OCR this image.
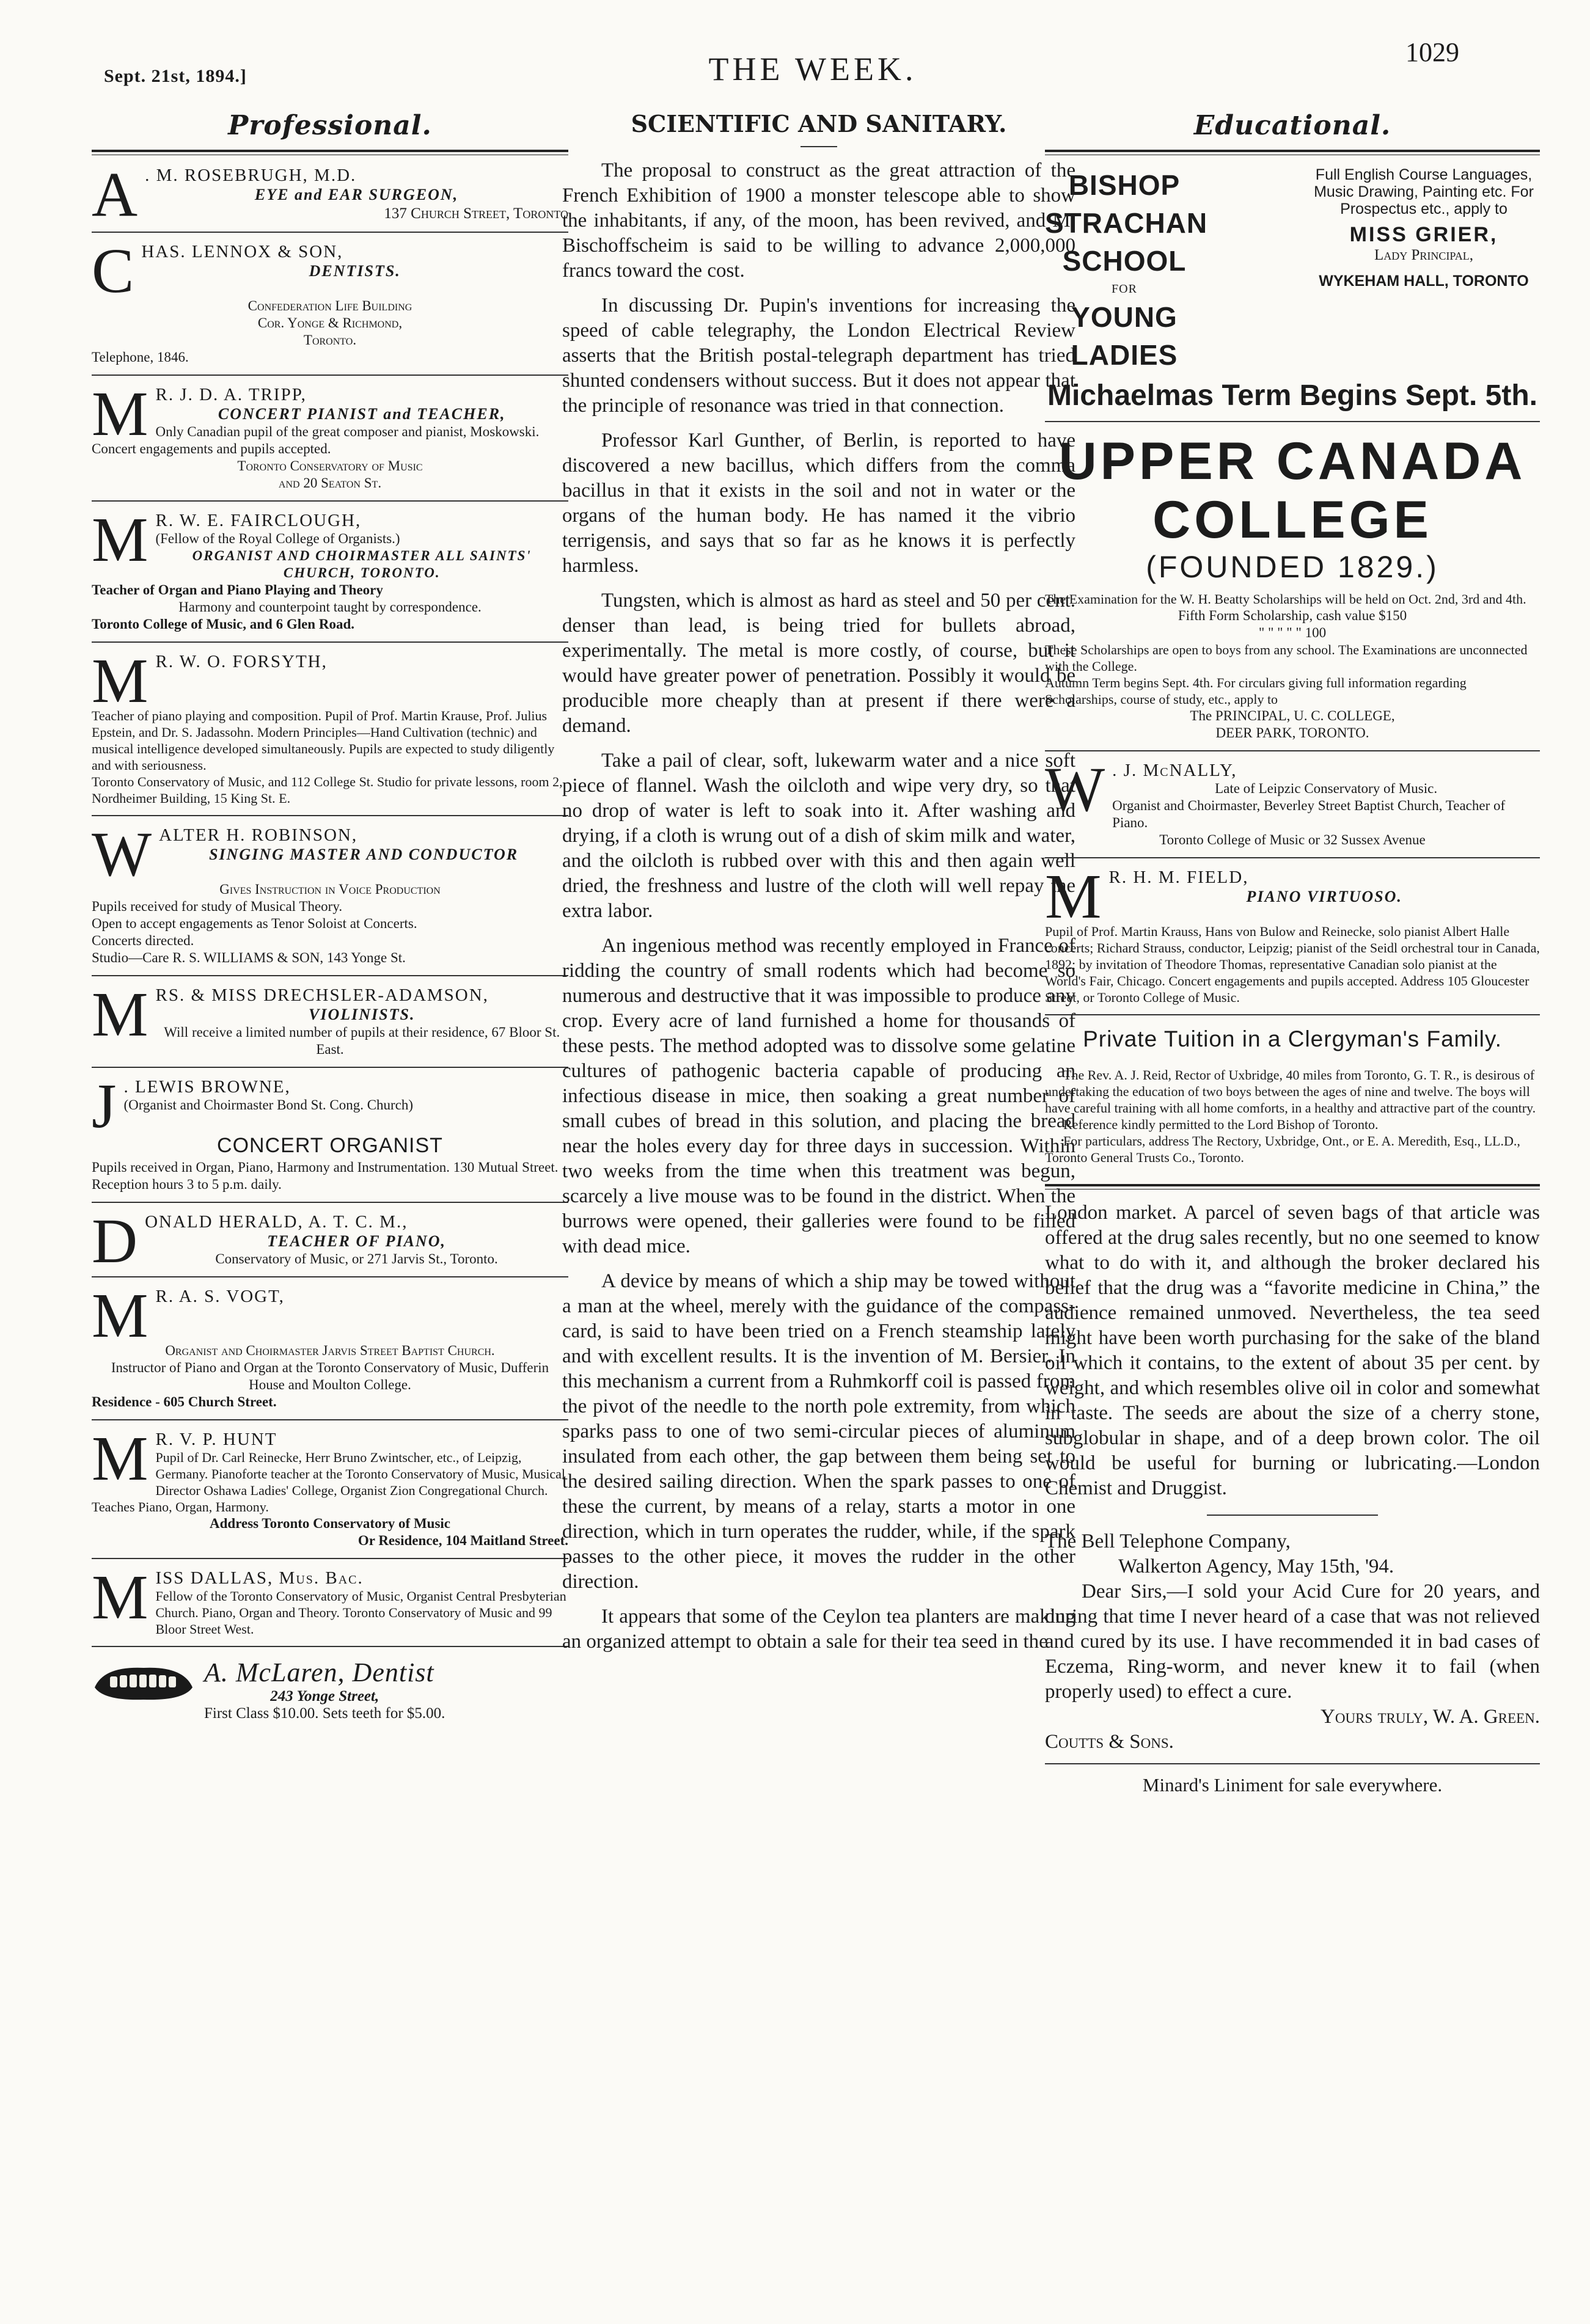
Sept. 21st, 1894.]	THE WEEK.	1029
Professional.
A . M. ROSEBRUGH, M.D.
EYE and EAR SURGEON,
137 Church Street, Toronto
C HAS. LENNOX & SON,
DENTISTS.
Confederation Life Building
Cor. Yonge & Richmond,
Toronto.
Telephone, 1846.
M R. J. D. A. TRIPP,
CONCERT PIANIST and TEACHER,
Only Canadian pupil of the great composer and pianist, Moskowski. Concert engagements and pupils accepted.
Toronto Conservatory of Music
and 20 Seaton St.
M R. W. E. FAIRCLOUGH,
(Fellow of the Royal College of Organists.)
ORGANIST AND CHOIRMASTER ALL SAINTS' CHURCH, TORONTO.
Teacher of Organ and Piano Playing and Theory
Harmony and counterpoint taught by correspondence.
Toronto College of Music, and 6 Glen Road.
M R. W. O. FORSYTH,
Teacher of piano playing and composition. Pupil of Prof. Martin Krause, Prof. Julius Epstein, and Dr. S. Jadassohn. Modern Principles—Hand Cultivation (technic) and musical intelligence developed simultaneously. Pupils are expected to study diligently and with seriousness.
Toronto Conservatory of Music, and 112 College St. Studio for private lessons, room 2, Nordheimer Building, 15 King St. E.
W ALTER H. ROBINSON,
SINGING MASTER AND CONDUCTOR
Gives Instruction in Voice Production
Pupils received for study of Musical Theory.
Open to accept engagements as Tenor Soloist at Concerts.
Concerts directed.
Studio—Care R. S. WILLIAMS & SON, 143 Yonge St.
M RS. & MISS DRECHSLER-ADAMSON,
VIOLINISTS.
Will receive a limited number of pupils at their residence, 67 Bloor St. East.
J . LEWIS BROWNE,
(Organist and Choirmaster Bond St. Cong. Church)
CONCERT ORGANIST
Pupils received in Organ, Piano, Harmony and Instrumentation. 130 Mutual Street.
Reception hours 3 to 5 p.m. daily.
D ONALD HERALD, A. T. C. M.,
TEACHER OF PIANO,
Conservatory of Music, or 271 Jarvis St., Toronto.
M R. A. S. VOGT,
Organist and Choirmaster Jarvis Street Baptist Church.
Instructor of Piano and Organ at the Toronto Conservatory of Music, Dufferin House and Moulton College.
Residence - 605 Church Street.
M R. V. P. HUNT
Pupil of Dr. Carl Reinecke, Herr Bruno Zwintscher, etc., of Leipzig, Germany. Pianoforte teacher at the Toronto Conservatory of Music, Musical Director Oshawa Ladies' College, Organist Zion Congregational Church. Teaches Piano, Organ, Harmony.
Address Toronto Conservatory of Music
Or Residence, 104 Maitland Street.
M ISS DALLAS, Mus. Bac.
Fellow of the Toronto Conservatory of Music, Organist Central Presbyterian Church. Piano, Organ and Theory. Toronto Conservatory of Music and 99 Bloor Street West.
A. McLaren, Dentist
243 Yonge Street,
First Class $10.00. Sets teeth for $5.00.
SCIENTIFIC AND SANITARY.

The proposal to construct as the great attraction of the French Exhibition of 1900 a monster telescope able to show the inhabitants, if any, of the moon, has been revived, and M. Bischoffscheim is said to be willing to advance 2,000,000 francs toward the cost.

In discussing Dr. Pupin's inventions for increasing the speed of cable telegraphy, the London Electrical Review asserts that the British postal-telegraph department has tried shunted condensers without success. But it does not appear that the principle of resonance was tried in that connection.

Professor Karl Gunther, of Berlin, is reported to have discovered a new bacillus, which differs from the comma bacillus in that it exists in the soil and not in water or the organs of the human body. He has named it the vibrio terrigensis, and says that so far as he knows it is perfectly harmless.

Tungsten, which is almost as hard as steel and 50 per cent. denser than lead, is being tried for bullets abroad, experimentally. The metal is more costly, of course, but it would have greater power of penetration. Possibly it would be producible more cheaply than at present if there were a demand.

Take a pail of clear, soft, lukewarm water and a nice soft piece of flannel. Wash the oilcloth and wipe very dry, so that no drop of water is left to soak into it. After washing and drying, if a cloth is wrung out of a dish of skim milk and water, and the oilcloth is rubbed over with this and then again well dried, the freshness and lustre of the cloth will well repay the extra labor.

An ingenious method was recently employed in France of ridding the country of small rodents which had become so numerous and destructive that it was impossible to produce any crop. Every acre of land furnished a home for thousands of these pests. The method adopted was to dissolve some gelatine cultures of pathogenic bacteria capable of producing an infectious disease in mice, then soaking a great number of small cubes of bread in this solution, and placing the bread near the holes every day for three days in succession. Within two weeks from the time when this treatment was begun, scarcely a live mouse was to be found in the district. When the burrows were opened, their galleries were found to be filled with dead mice.

A device by means of which a ship may be towed without a man at the wheel, merely with the guidance of the compass-card, is said to have been tried on a French steamship lately and with excellent results. It is the invention of M. Bersier. In this mechanism a current from a Ruhmkorff coil is passed from the pivot of the needle to the north pole extremity, from which sparks pass to one of two semi-circular pieces of aluminum insulated from each other, the gap between them being set to the desired sailing direction. When the spark passes to one of these the current, by means of a relay, starts a motor in one direction, which in turn operates the rudder, while, if the spark passes to the other piece, it moves the rudder in the other direction.

It appears that some of the Ceylon tea planters are making an organized attempt to obtain a sale for their tea seed in the

Educational.
BISHOP
STRACHAN
SCHOOL
FOR
YOUNG LADIES
Full English Course Languages, Music Drawing, Painting etc. For Prospectus etc., apply to
MISS GRIER,
Lady Principal,
WYKEHAM HALL, TORONTO
Michaelmas Term Begins Sept. 5th.
UPPER CANADA COLLEGE
(FOUNDED 1829.)
The Examination for the W. H. Beatty Scholarships will be held on Oct. 2nd, 3rd and 4th.
Fifth Form Scholarship, cash value $150
" " " " " 100
These Scholarships are open to boys from any school. The Examinations are unconnected with the College.
Autumn Term begins Sept. 4th. For circulars giving full information regarding Scholarships, course of study, etc., apply to
The PRINCIPAL, U. C. COLLEGE,
DEER PARK, TORONTO.
W . J. McNALLY,
Late of Leipzic Conservatory of Music.
Organist and Choirmaster, Beverley Street Baptist Church, Teacher of Piano.
Toronto College of Music or 32 Sussex Avenue
M R. H. M. FIELD,
PIANO VIRTUOSO.
Pupil of Prof. Martin Krauss, Hans von Bulow and Reinecke, solo pianist Albert Halle concerts; Richard Strauss, conductor, Leipzig; pianist of the Seidl orchestral tour in Canada, 1892; by invitation of Theodore Thomas, representative Canadian solo pianist at the World's Fair, Chicago. Concert engagements and pupils accepted. Address 105 Gloucester Street, or Toronto College of Music.
Private Tuition in a Clergyman's Family.
The Rev. A. J. Reid, Rector of Uxbridge, 40 miles from Toronto, G. T. R., is desirous of undertaking the education of two boys between the ages of nine and twelve. The boys will have careful training with all home comforts, in a healthy and attractive part of the country.
Reference kindly permitted to the Lord Bishop of Toronto.
For particulars, address The Rectory, Uxbridge, Ont., or E. A. Meredith, Esq., LL.D., Toronto General Trusts Co., Toronto.

London market. A parcel of seven bags of that article was offered at the drug sales recently, but no one seemed to know what to do with it, and although the broker declared his belief that the drug was a “favorite medicine in China,” the audience remained unmoved. Nevertheless, the tea seed might have been worth purchasing for the sake of the bland oil which it contains, to the extent of about 35 per cent. by weight, and which resembles olive oil in color and somewhat in taste. The seeds are about the size of a cherry stone, subglobular in shape, and of a deep brown color. The oil would be useful for burning or lubricating.—London Chemist and Druggist.

The Bell Telephone Company,
Walkerton Agency, May 15th, '94.
Dear Sirs,—I sold your Acid Cure for 20 years, and during that time I never heard of a case that was not relieved and cured by its use. I have recommended it in bad cases of Eczema, Ring-worm, and never knew it to fail (when properly used) to effect a cure.
Yours truly, W. A. Green.
Coutts & Sons.
Minard's Liniment for sale everywhere.
